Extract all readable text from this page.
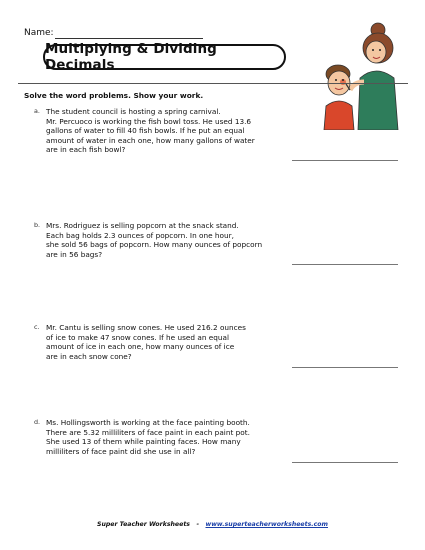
Name:
Multiplying & Dividing Decimals
Solve the word problems. Show your work.
a. The student council is hosting a spring carnival.
Mr. Percuoco is working the fish bowl toss. He used 13.6
gallons of water to fill 40 fish bowls. If he put an equal
amount of water in each one, how many gallons of water
are in each fish bowl?
b. Mrs. Rodriguez is selling popcorn at the snack stand.
Each bag holds 2.3 ounces of popcorn. In one hour,
she sold 56 bags of popcorn. How many ounces of popcorn
are in 56 bags?
c. Mr. Cantu is selling snow cones. He used 216.2 ounces
of ice to make 47 snow cones. If he used an equal
amount of ice in each one, how many ounces of ice
are in each snow cone?
d. Ms. Hollingsworth is working at the face painting booth.
There are 5.32 milliliters of face paint in each paint pot.
She used 13 of them while painting faces. How many
milliliters of face paint did she use in all?
Super Teacher Worksheets - www.superteacherworksheets.com
